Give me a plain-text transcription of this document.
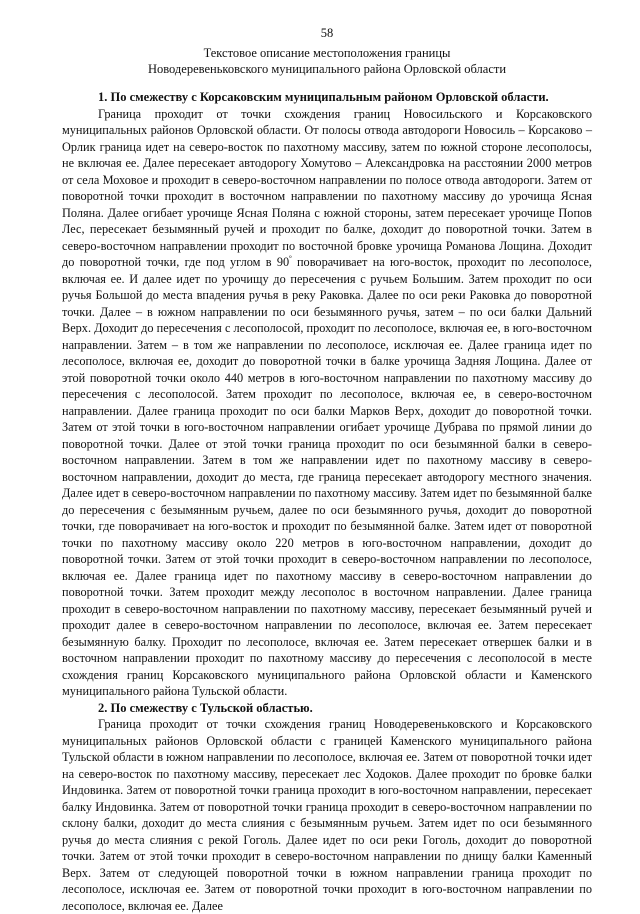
58
Текстовое описание местоположения границы
Новодеревеньковского муниципального района Орловской области

1. По смежеству с Корсаковским муниципальным районом Орловской области.

Граница проходит от точки схождения границ Новосильского и Корсаковского муниципальных районов Орловской области. От полосы отвода автодороги Новосиль – Корсаково – Орлик граница идет на северо-восток по пахотному массиву, затем по южной стороне лесополосы, не включая ее. Далее пересекает автодорогу Хомутово – Александровка на расстоянии 2000 метров от села Моховое и проходит в северо-восточном направлении по полосе отвода автодороги. Затем от поворотной точки проходит в восточном направлении по пахотному массиву до урочища Ясная Поляна. Далее огибает урочище Ясная Поляна с южной стороны, затем пересекает урочище Попов Лес, пересекает безымянный ручей и проходит по балке, доходит до поворотной точки. Затем в северо-восточном направлении проходит по восточной бровке урочища Романова Лощина. Доходит до поворотной точки, где под углом в $90^º$ поворачивает на юго-восток, проходит по лесополосе, включая ее. И далее идет по урочищу до пересечения с ручьем Большим. Затем проходит по оси ручья Большой до места впадения ручья в реку Раковка. Далее по оси реки Раковка до поворотной точки. Далее – в южном направлении по оси безымянного ручья, затем – по оси балки Дальний Верх. Доходит до пересечения с лесополосой, проходит по лесополосе, включая ее, в юго-восточном направлении. Затем – в том же направлении по лесополосе, исключая ее. Далее граница идет по лесополосе, включая ее, доходит до поворотной точки в балке урочища Задняя Лощина. Далее от этой поворотной точки около 440 метров в юго-восточном направлении по пахотному массиву до пересечения с лесополосой. Затем проходит по лесополосе, включая ее, в северо-восточном направлении. Далее граница проходит по оси балки Марков Верх, доходит до поворотной точки. Затем от этой точки в юго-восточном направлении огибает урочище Дубрава по прямой линии до поворотной точки. Далее от этой точки граница проходит по оси безымянной балки в северо-восточном направлении. Затем в том же направлении идет по пахотному массиву в северо-восточном направлении, доходит до места, где граница пересекает автодорогу местного значения. Далее идет в северо-восточном направлении по пахотному массиву. Затем идет по безымянной балке до пересечения с безымянным ручьем, далее по оси безымянного ручья, доходит до поворотной точки, где поворачивает на юго-восток и проходит по безымянной балке. Затем идет от поворотной точки по пахотному массиву около 220 метров в юго-восточном направлении, доходит до поворотной точки. Затем от этой точки проходит в северо-восточном направлении по лесополосе, включая ее. Далее граница идет по пахотному массиву в северо-восточном направлении до поворотной точки. Затем проходит между лесополос в восточном направлении. Далее граница проходит в северо-восточном направлении по пахотному массиву, пересекает безымянный ручей и проходит далее в северо-восточном направлении по лесополосе, включая ее. Затем пересекает безымянную балку. Проходит по лесополосе, включая ее. Затем пересекает отвершек балки и в восточном направлении проходит по пахотному массиву до пересечения с лесополосой в месте схождения границ Корсаковского муниципального района Орловской области и Каменского муниципального района Тульской области.

2. По смежеству с Тульской областью.

Граница проходит от точки схождения границ Новодеревеньковского и Корсаковского муниципальных районов Орловской области с границей Каменского муниципального района Тульской области в южном направлении по лесополосе, включая ее. Затем от поворотной точки идет на северо-восток по пахотному массиву, пересекает лес Ходоков. Далее проходит по бровке балки Индовинка. Затем от поворотной точки граница проходит в юго-восточном направлении, пересекает балку Индовинка. Затем от поворотной точки граница проходит в северо-восточном направлении по склону балки, доходит до места слияния с безымянным ручьем. Затем идет по оси безымянного ручья до места слияния с рекой Гоголь. Далее идет по оси реки Гоголь, доходит до поворотной точки. Затем от этой точки проходит в северо-восточном направлении по днищу балки Каменный Верх. Затем от следующей поворотной точки в южном направлении граница проходит по лесополосе, исключая ее. Затем от поворотной точки проходит в юго-восточном направлении по лесополосе, включая ее. Далее
